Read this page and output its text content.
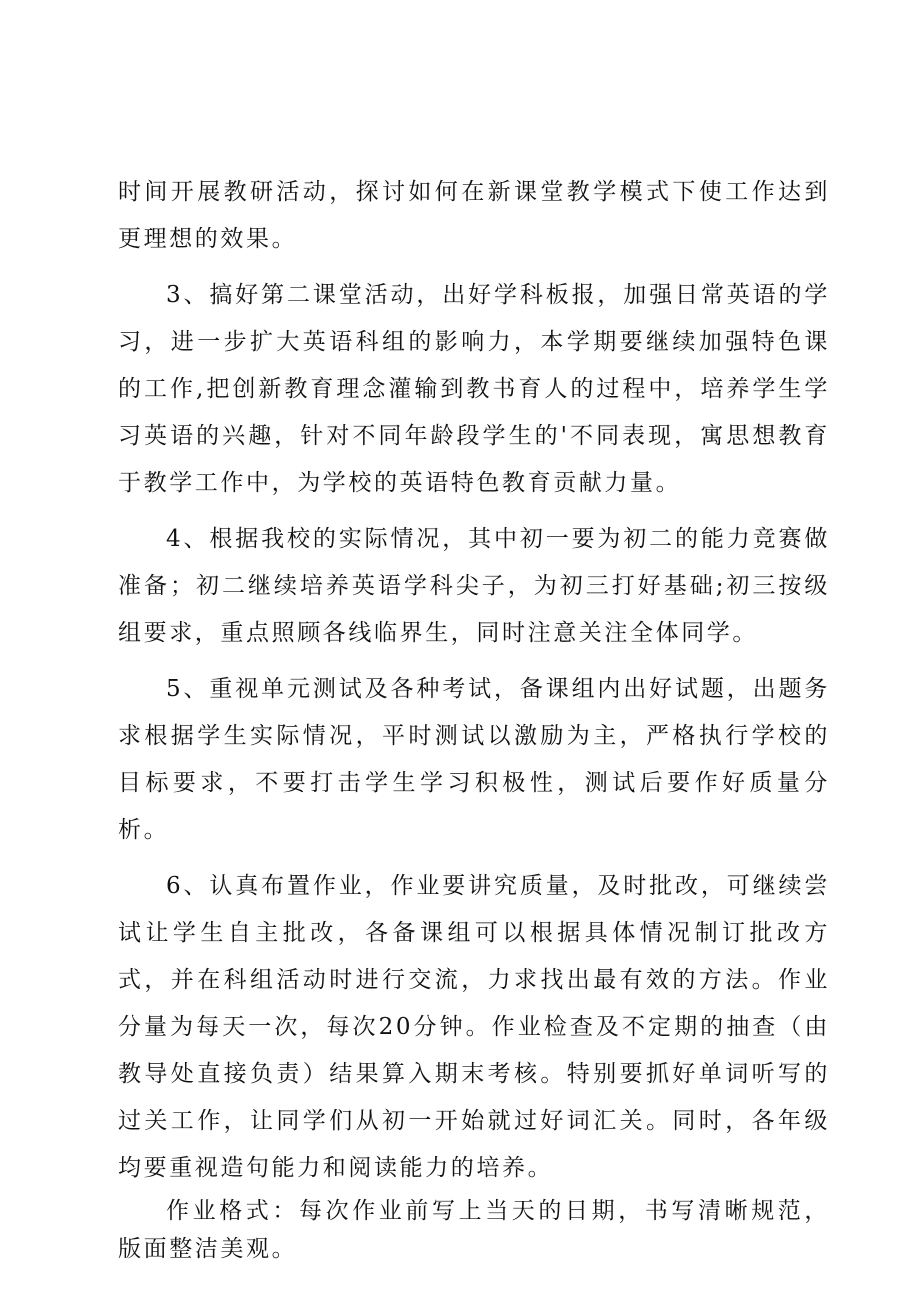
时间开展教研活动，探讨如何在新课堂教学模式下使工作达到更理想的效果。

3、搞好第二课堂活动，出好学科板报，加强日常英语的学习，进一步扩大英语科组的影响力，本学期要继续加强特色课的工作,把创新教育理念灌输到教书育人的过程中，培养学生学习英语的兴趣，针对不同年龄段学生的'不同表现，寓思想教育于教学工作中，为学校的英语特色教育贡献力量。

4、根据我校的实际情况，其中初一要为初二的能力竞赛做准备；初二继续培养英语学科尖子，为初三打好基础;初三按级组要求，重点照顾各线临界生，同时注意关注全体同学。

5、重视单元测试及各种考试，备课组内出好试题，出题务求根据学生实际情况，平时测试以激励为主，严格执行学校的目标要求，不要打击学生学习积极性，测试后要作好质量分析。

6、认真布置作业，作业要讲究质量，及时批改，可继续尝试让学生自主批改，各备课组可以根据具体情况制订批改方式，并在科组活动时进行交流，力求找出最有效的方法。作业分量为每天一次，每次20分钟。作业检查及不定期的抽查（由教导处直接负责）结果算入期末考核。特别要抓好单词听写的过关工作，让同学们从初一开始就过好词汇关。同时，各年级均要重视造句能力和阅读能力的培养。

作业格式：每次作业前写上当天的日期，书写清晰规范，版面整洁美观。
